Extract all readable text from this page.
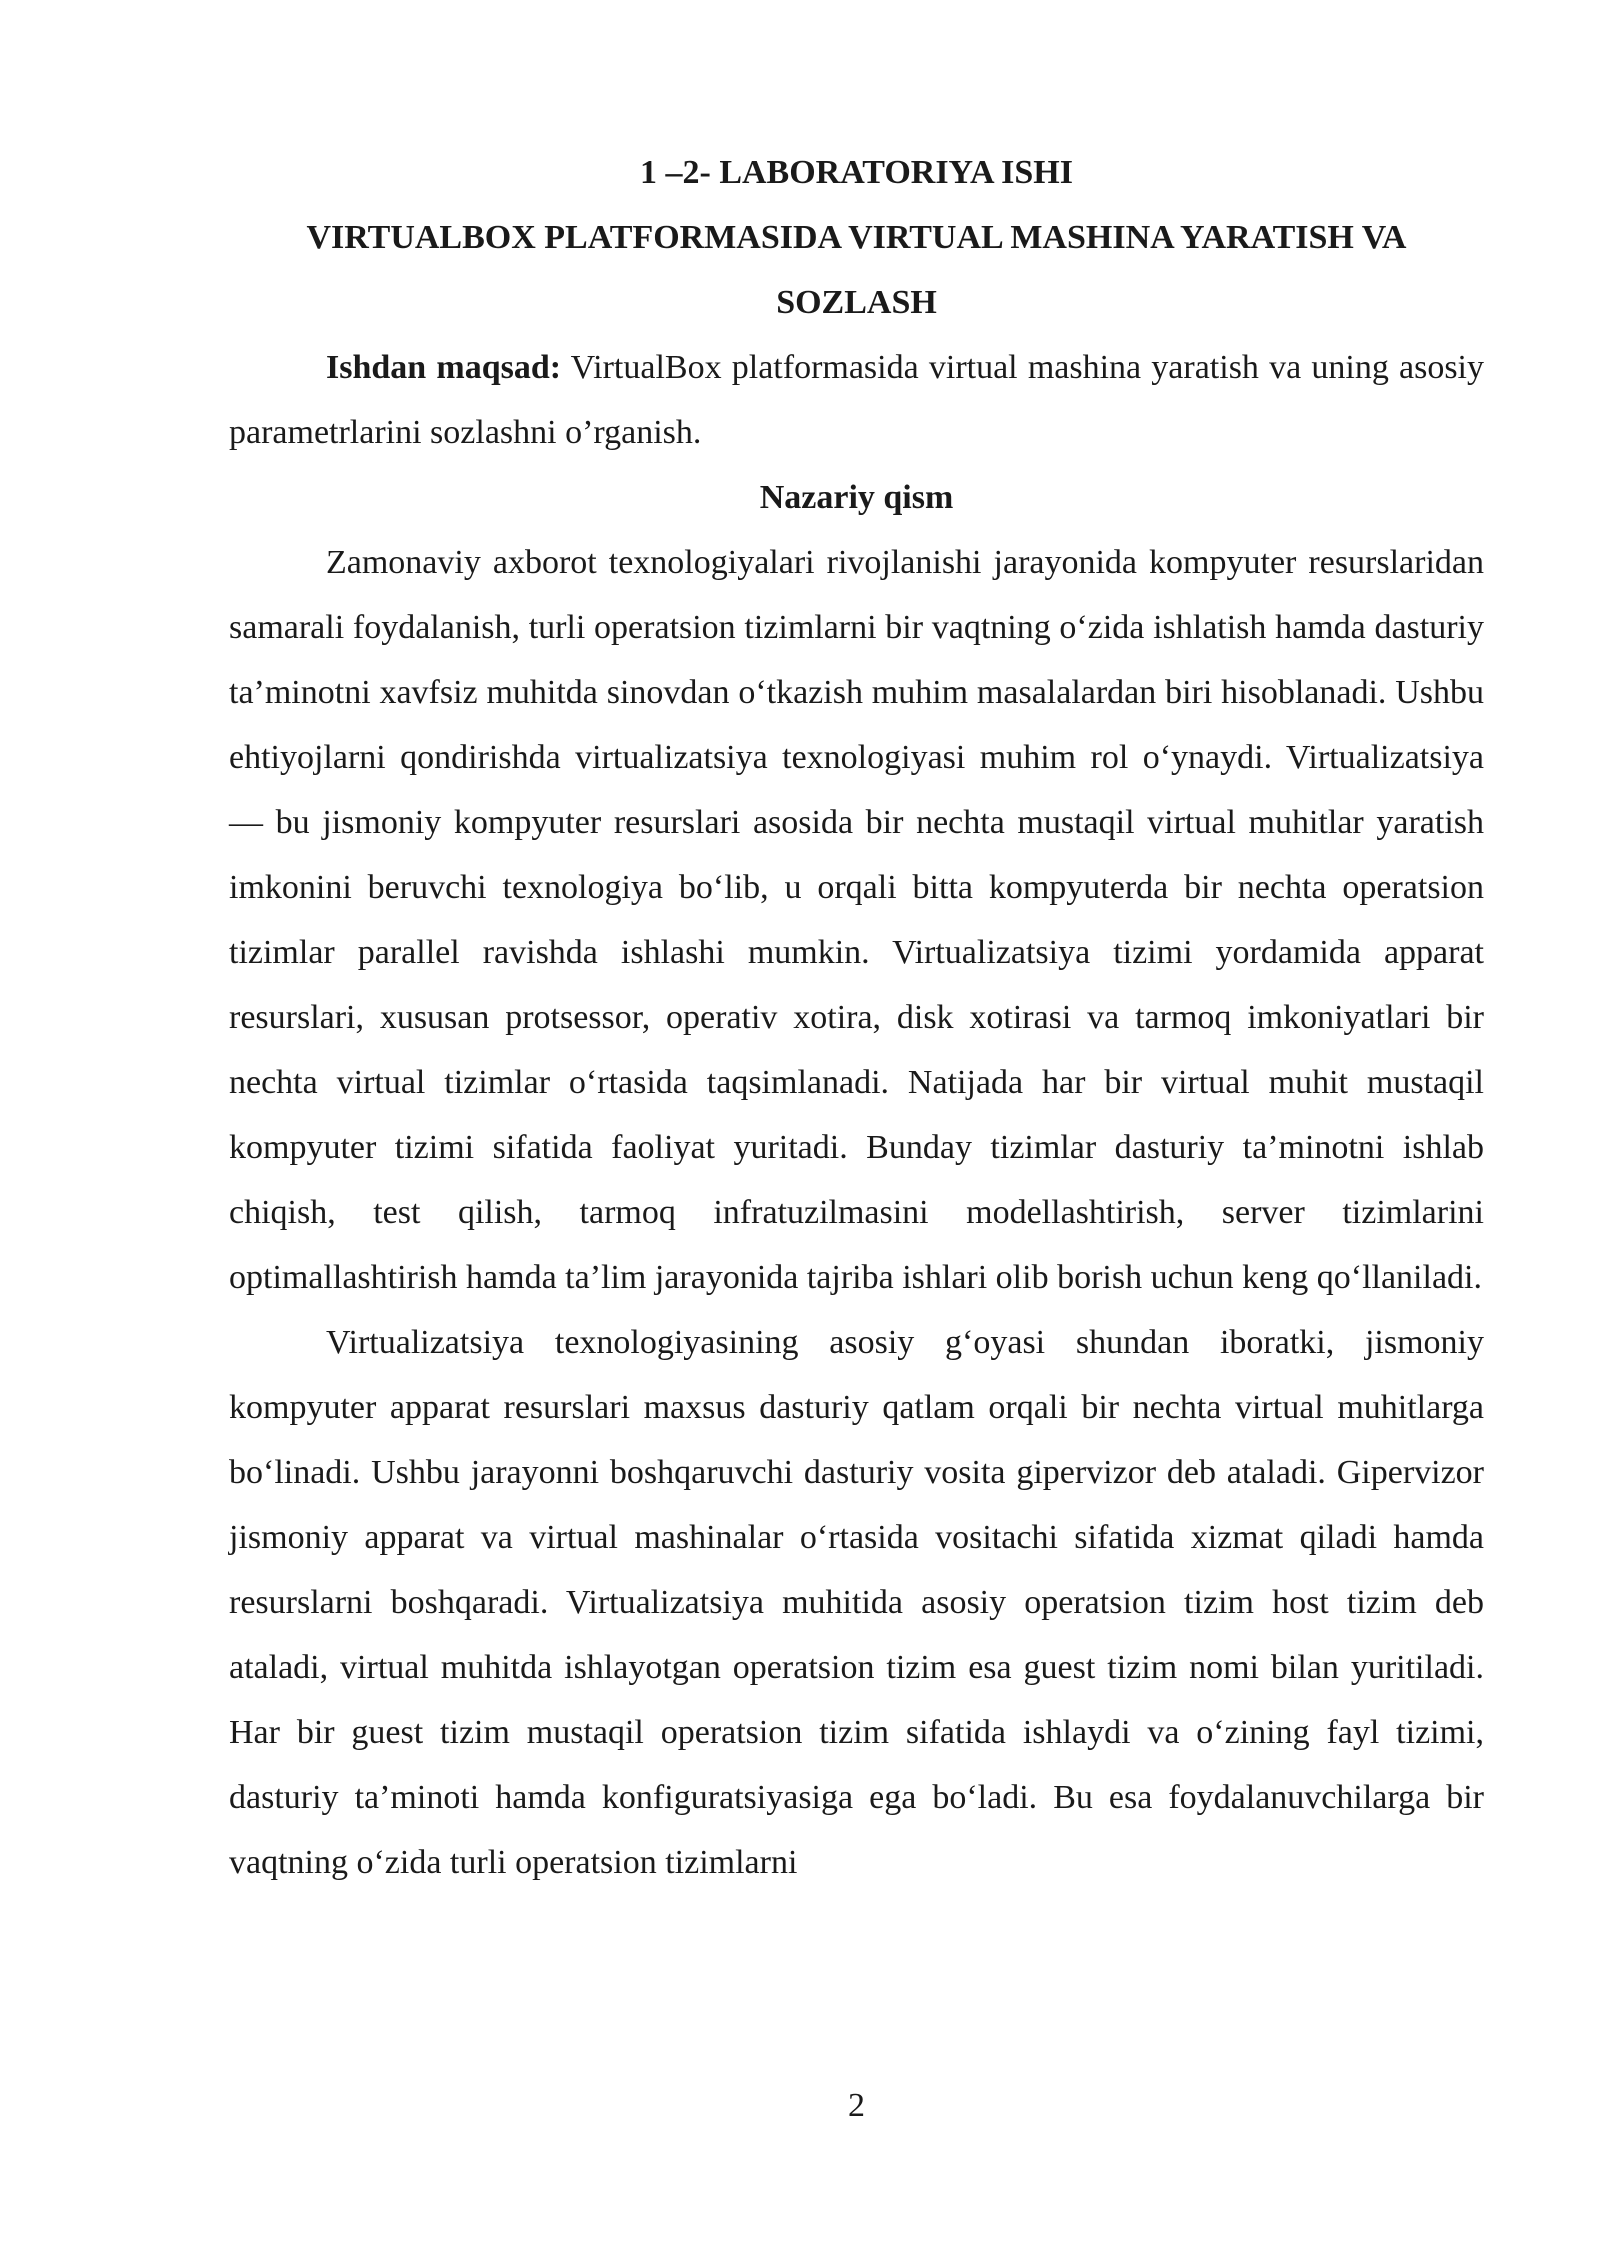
1 –2- LABORATORIYA ISHI

VIRTUALBOX PLATFORMASIDA VIRTUAL MASHINA YARATISH VA SOZLASH

Ishdan maqsad: VirtualBox platformasida virtual mashina yaratish va uning asosiy parametrlarini sozlashni o’rganish.

Nazariy qism

Zamonaviy axborot texnologiyalari rivojlanishi jarayonida kompyuter resurslaridan samarali foydalanish, turli operatsion tizimlarni bir vaqtning o‘zida ishlatish hamda dasturiy ta’minotni xavfsiz muhitda sinovdan o‘tkazish muhim masalalardan biri hisoblanadi. Ushbu ehtiyojlarni qondirishda virtualizatsiya texnologiyasi muhim rol o‘ynaydi. Virtualizatsiya — bu jismoniy kompyuter resurslari asosida bir nechta mustaqil virtual muhitlar yaratish imkonini beruvchi texnologiya bo‘lib, u orqali bitta kompyuterda bir nechta operatsion tizimlar parallel ravishda ishlashi mumkin. Virtualizatsiya tizimi yordamida apparat resurslari, xususan protsessor, operativ xotira, disk xotirasi va tarmoq imkoniyatlari bir nechta virtual tizimlar o‘rtasida taqsimlanadi. Natijada har bir virtual muhit mustaqil kompyuter tizimi sifatida faoliyat yuritadi. Bunday tizimlar dasturiy ta’minotni ishlab chiqish, test qilish, tarmoq infratuzilmasini modellashtirish, server tizimlarini optimallashtirish hamda ta’lim jarayonida tajriba ishlari olib borish uchun keng qo‘llaniladi.

Virtualizatsiya texnologiyasining asosiy g‘oyasi shundan iboratki, jismoniy kompyuter apparat resurslari maxsus dasturiy qatlam orqali bir nechta virtual muhitlarga bo‘linadi. Ushbu jarayonni boshqaruvchi dasturiy vosita gipervizor deb ataladi. Gipervizor jismoniy apparat va virtual mashinalar o‘rtasida vositachi sifatida xizmat qiladi hamda resurslarni boshqaradi. Virtualizatsiya muhitida asosiy operatsion tizim host tizim deb ataladi, virtual muhitda ishlayotgan operatsion tizim esa guest tizim nomi bilan yuritiladi. Har bir guest tizim mustaqil operatsion tizim sifatida ishlaydi va o‘zining fayl tizimi, dasturiy ta’minoti hamda konfiguratsiyasiga ega bo‘ladi. Bu esa foydalanuvchilarga bir vaqtning o‘zida turli operatsion tizimlarni

2
